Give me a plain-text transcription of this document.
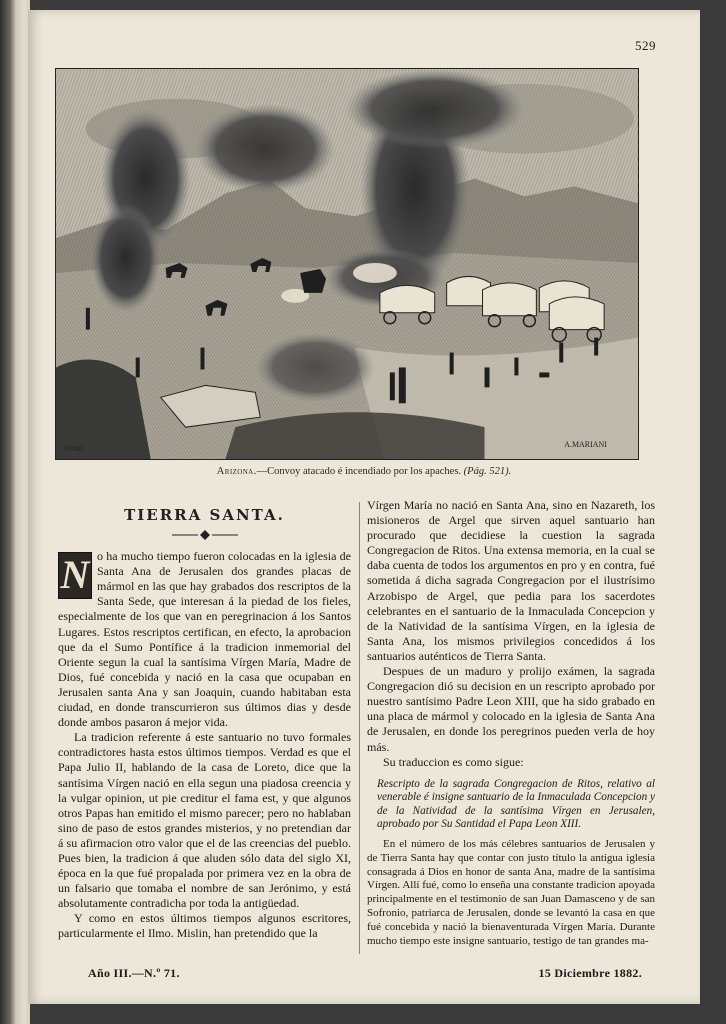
529
A.MARIANI
FAMB
Arizona.—Convoy atacado é incendiado por los apaches. (Pág. 521).
TIERRA SANTA.

N o ha mucho tiempo fueron colocadas en la iglesia de Santa Ana de Jerusalen dos grandes placas de mármol en las que hay grabados dos rescriptos de la Santa Sede, que interesan á la piedad de los fieles, especialmente de los que van en peregrinacion á los Santos Lugares. Estos rescriptos certifican, en efecto, la aprobacion que da el Sumo Pontífice á la tradicion inmemorial del Oriente segun la cual la santísima Vírgen María, Madre de Dios, fué concebida y nació en la casa que ocupaban en Jerusalen santa Ana y san Joaquin, cuando habitaban esta ciudad, en donde transcurrieron sus últimos dias y desde donde ambos pasaron á mejor vida.

La tradicion referente á este santuario no tuvo formales contradictores hasta estos últimos tiempos. Verdad es que el Papa Julio II, hablando de la casa de Loreto, dice que la santísima Vírgen nació en ella segun una piadosa creencia y la vulgar opinion, ut pie creditur el fama est, y que algunos otros Papas han emitido el mismo parecer; pero no hablaban sino de paso de estos grandes misterios, y no pretendian dar á su afirmacion otro valor que el de las creencias del pueblo. Pues bien, la tradicion á que aluden sólo data del siglo XI, época en la que fué propalada por primera vez en la obra de un falsario que tomaba el nombre de san Jerónimo, y está absolutamente contradicha por toda la antigüedad.

Y como en estos últimos tiempos algunos escritores, particularmente el Ilmo. Mislin, han pretendido que la

Vírgen María no nació en Santa Ana, sino en Nazareth, los misioneros de Argel que sirven aquel santuario han procurado que decidiese la cuestion la sagrada Congregacion de Ritos. Una extensa memoria, en la cual se daba cuenta de todos los argumentos en pro y en contra, fué sometida á dicha sagrada Congregacion por el ilustrísimo Arzobispo de Argel, que pedia para los sacerdotes celebrantes en el santuario de la Inmaculada Concepcion y de la Natividad de la santísima Vírgen, en la iglesia de Santa Ana, los mismos privilegios concedidos á los santuarios auténticos de Tierra Santa.

Despues de un maduro y prolijo exámen, la sagrada Congregacion dió su decision en un rescripto aprobado por nuestro santísimo Padre Leon XIII, que ha sido grabado en una placa de mármol y colocado en la iglesia de Santa Ana de Jerusalen, en donde los peregrinos pueden verla de hoy más.

Su traduccion es como sigue:

Rescripto de la sagrada Congregacion de Ritos, relativo al venerable é insigne santuario de la Inmaculada Concepcion y de la Natividad de la santísima Vírgen en Jerusalen, aprobado por Su Santidad el Papa Leon XIII.

En el número de los más célebres santuarios de Jerusalen y de Tierra Santa hay que contar con justo título la antigua iglesia consagrada á Dios en honor de santa Ana, madre de la santísima Vírgen. Allí fué, como lo enseña una constante tradicion apoyada principalmente en el testimonio de san Juan Damasceno y de san Sofronio, patriarca de Jerusalen, donde se levantó la casa en que fué concebida y nació la bienaventurada Vírgen María. Durante mucho tiempo este insigne santuario, testigo de tan grandes ma-

Año III.—N.º 71.	15 Diciembre 1882.
